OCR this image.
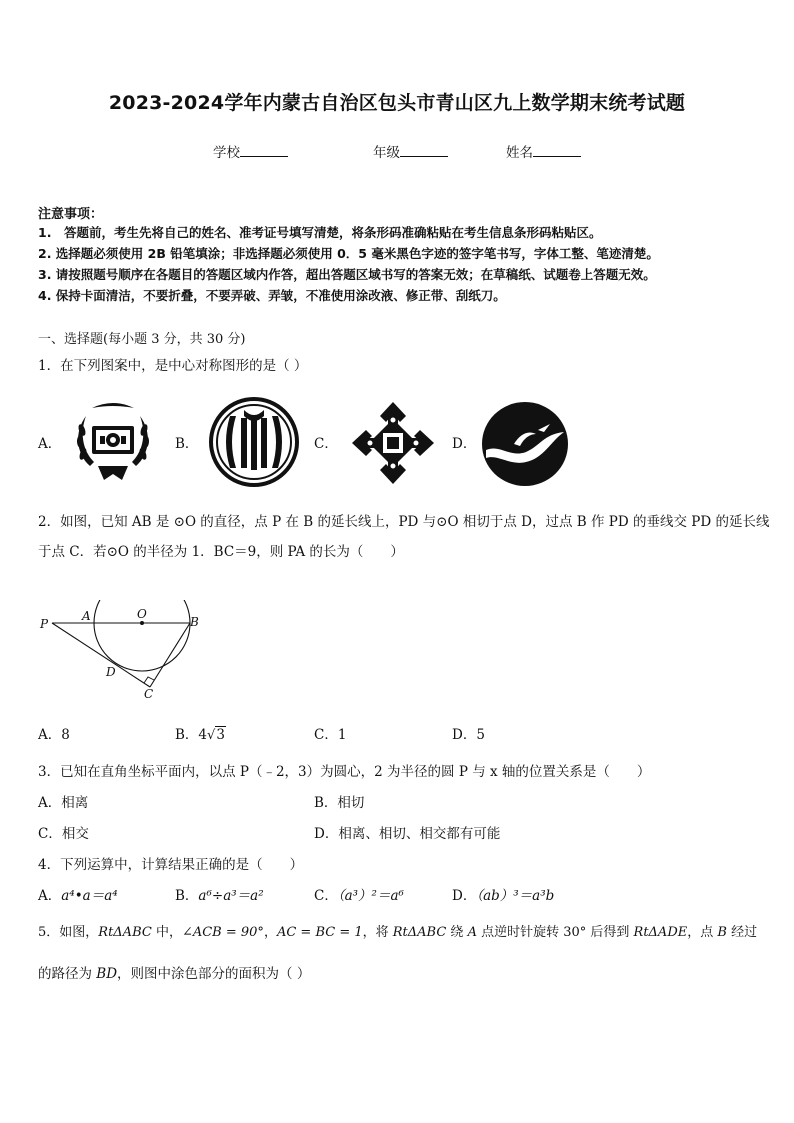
2023-2024学年内蒙古自治区包头市青山区九上数学期末统考试题
学校	年级	姓名
注意事项：
1.　答题前，考生先将自己的姓名、准考证号填写清楚，将条形码准确粘贴在考生信息条形码粘贴区。
2. 选择题必须使用 2B 铅笔填涂；非选择题必须使用 0．5 毫米黑色字迹的签字笔书写，字体工整、笔迹清楚。
3. 请按照题号顺序在各题目的答题区域内作答，超出答题区域书写的答案无效；在草稿纸、试题卷上答题无效。
4. 保持卡面清洁，不要折叠，不要弄破、弄皱，不准使用涂改液、修正带、刮纸刀。
一、选择题(每小题 3 分，共 30 分)
1．在下列图案中，是中心对称图形的是（ ）
A．	B．	C．	D．
2．如图，已知 AB 是 ⊙O 的直径，点 P 在 B 的延长线上，PD 与⊙O 相切于点 D，过点 B 作 PD 的垂线交 PD 的延长线
于点 C．若⊙O 的半径为 1．BC＝9，则 PA 的长为（　　）
P
A	O
B
D
C
A．8	B．4√3	C．1	D．5
3．已知在直角坐标平面内，以点 P（﹣2，3）为圆心，2 为半径的圆 P 与 x 轴的位置关系是（　　）
A．相离	B．相切
C．相交	D．相离、相切、相交都有可能
4．下列运算中，计算结果正确的是（　　）
A．a⁴•a＝a⁴	B．a⁶÷a³＝a²	C．（a³）²＝a⁶	D．（ab）³＝a³b
5．如图，RtΔABC 中，∠ACB = 90°，AC = BC = 1，将 RtΔABC 绕 A 点逆时针旋转 30° 后得到 RtΔADE，点 B 经过
的路径为 BD，则图中涂色部分的面积为（ ）
